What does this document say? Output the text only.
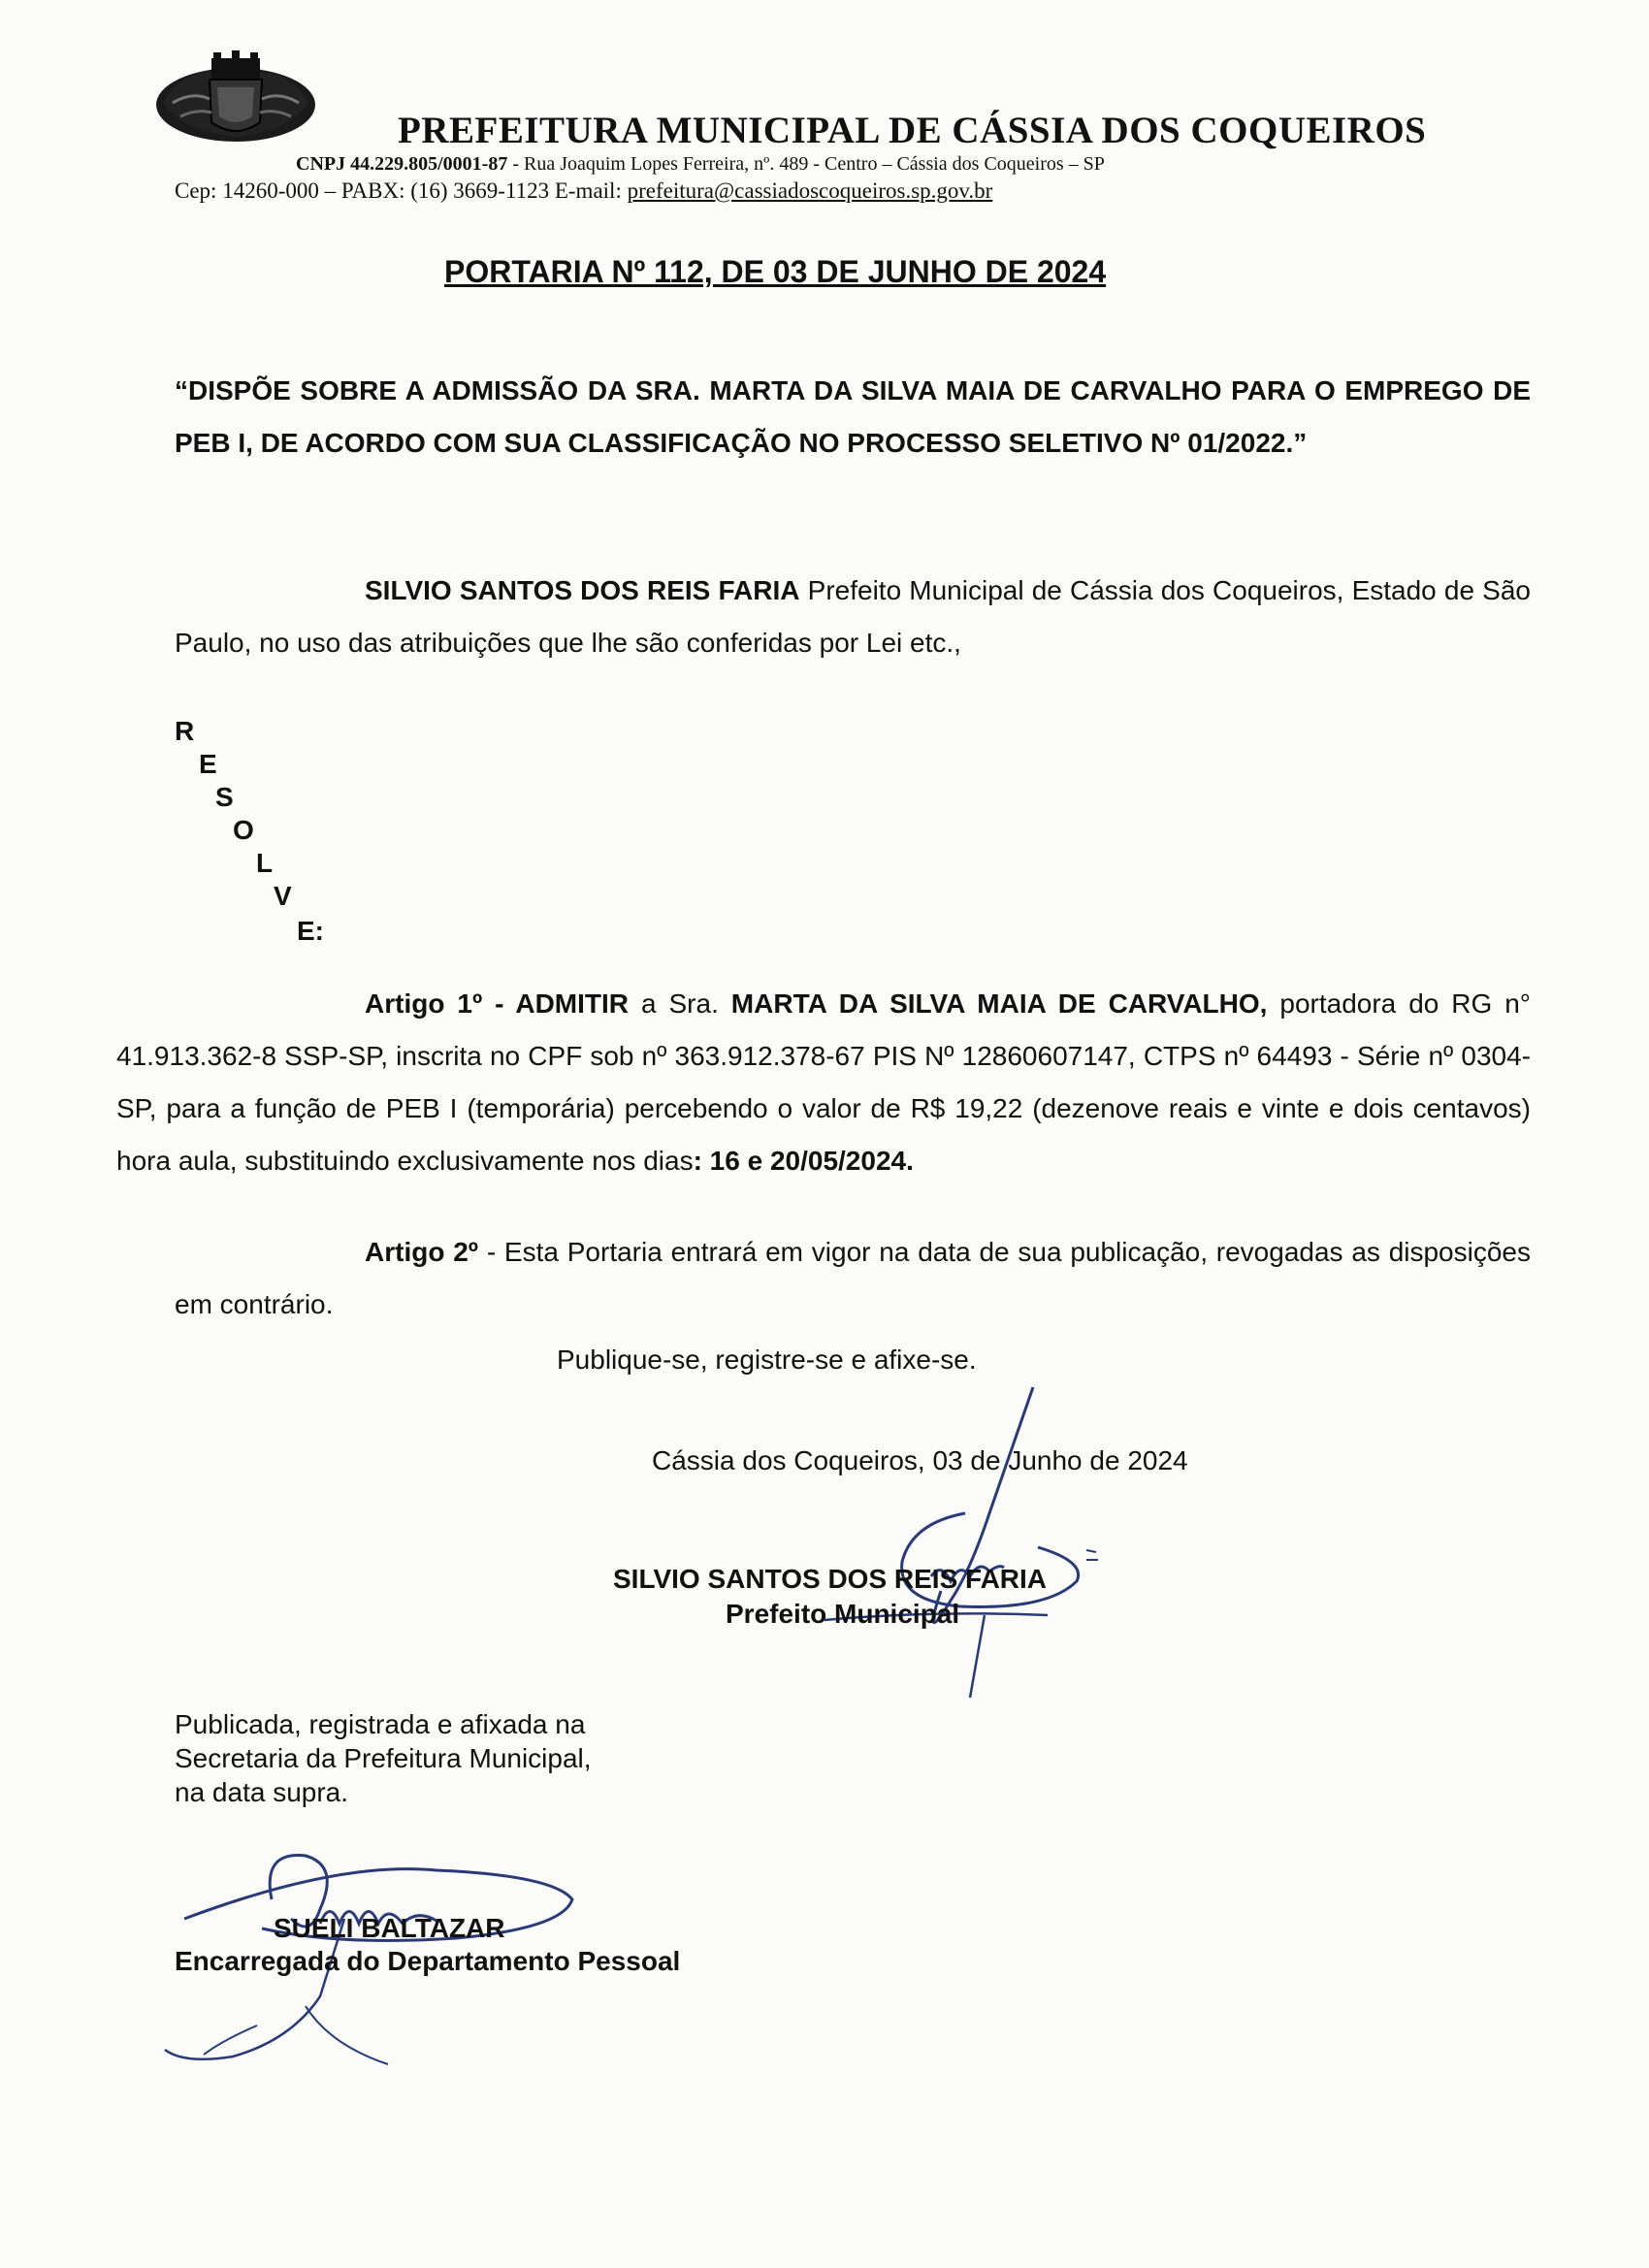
PREFEITURA MUNICIPAL DE CÁSSIA DOS COQUEIROS
CNPJ 44.229.805/0001-87 - Rua Joaquim Lopes Ferreira, nº. 489 - Centro – Cássia dos Coqueiros – SP
Cep: 14260-000 – PABX: (16) 3669-1123 E-mail: prefeitura@cassiadoscoqueiros.sp.gov.br
PORTARIA Nº 112, DE 03 DE JUNHO DE 2024
“DISPÕE SOBRE A ADMISSÃO DA SRA. MARTA DA SILVA MAIA DE CARVALHO PARA O EMPREGO DE PEB I, DE ACORDO COM SUA CLASSIFICAÇÃO NO PROCESSO SELETIVO Nº 01/2022.”
SILVIO SANTOS DOS REIS FARIA Prefeito Municipal de Cássia dos Coqueiros, Estado de São Paulo, no uso das atribuições que lhe são conferidas por Lei etc.,
R
E
S
O
L
V
E:
Artigo 1º - ADMITIR a Sra. MARTA DA SILVA MAIA DE CARVALHO, portadora do RG n° 41.913.362-8 SSP-SP, inscrita no CPF sob nº 363.912.378-67 PIS Nº 12860607147, CTPS nº 64493 - Série nº 0304-SP, para a função de PEB I (temporária) percebendo o valor de R$ 19,22 (dezenove reais e vinte e dois centavos) hora aula, substituindo exclusivamente nos dias: 16 e 20/05/2024.
Artigo 2º - Esta Portaria entrará em vigor na data de sua publicação, revogadas as disposições em contrário.
Publique-se, registre-se e afixe-se.
Cássia dos Coqueiros, 03 de Junho de 2024
SILVIO SANTOS DOS REIS FARIA
Prefeito Municipal
Publicada, registrada e afixada na
Secretaria da Prefeitura Municipal,
na data supra.
SUELI BALTAZAR
Encarregada do Departamento Pessoal
